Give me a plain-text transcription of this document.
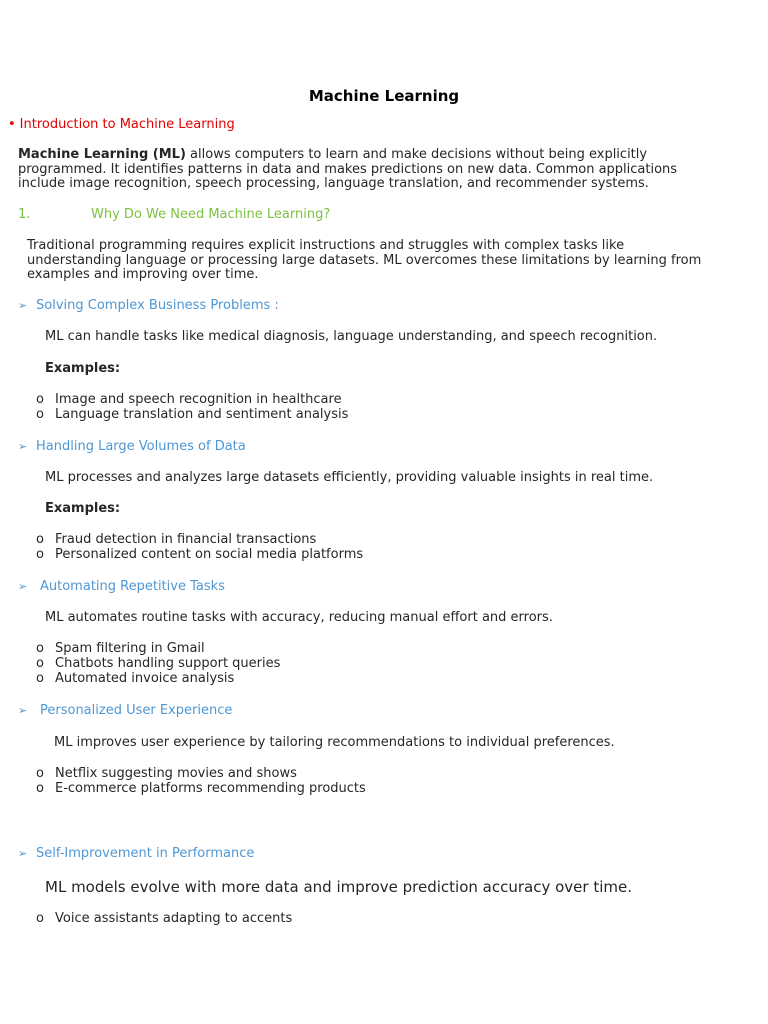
Machine Learning
• Introduction to Machine Learning
Machine Learning (ML) allows computers to learn and make decisions without being explicitly programmed. It identifies patterns in data and makes predictions on new data. Common applications include image recognition, speech processing, language translation, and recommender systems.
1.	Why Do We Need Machine Learning?
Traditional programming requires explicit instructions and struggles with complex tasks like understanding language or processing large datasets. ML overcomes these limitations by learning from examples and improving over time.
➢ Solving Complex Business Problems :
ML can handle tasks like medical diagnosis, language understanding, and speech recognition.
Examples:
o Image and speech recognition in healthcare
o Language translation and sentiment analysis
➢ Handling Large Volumes of Data
ML processes and analyzes large datasets efficiently, providing valuable insights in real time.
Examples:
o Fraud detection in financial transactions
o Personalized content on social media platforms
➢ Automating Repetitive Tasks
ML automates routine tasks with accuracy, reducing manual effort and errors.
o Spam filtering in Gmail
o Chatbots handling support queries
o Automated invoice analysis
➢ Personalized User Experience
ML improves user experience by tailoring recommendations to individual preferences.
o Netflix suggesting movies and shows
o E-commerce platforms recommending products
➢ Self-Improvement in Performance
ML models evolve with more data and improve prediction accuracy over time.
o Voice assistants adapting to accents
